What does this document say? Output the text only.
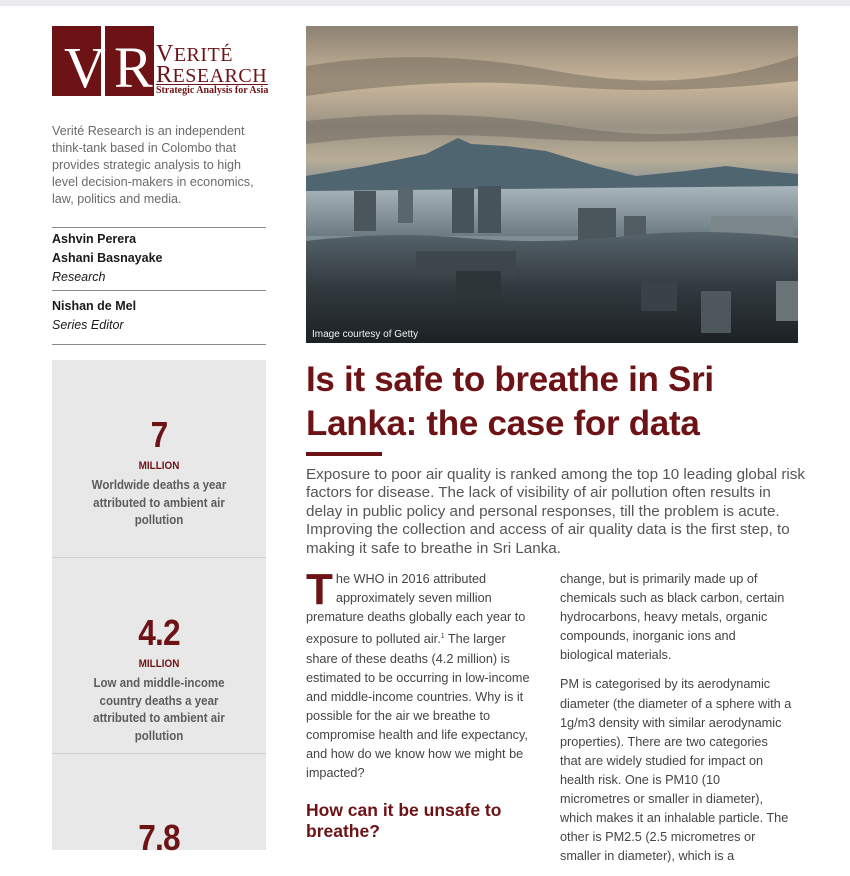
V R VERITÉ
RESEARCH
Strategic Analysis for Asia
Verité Research is an independent think-tank based in Colombo that provides strategic analysis to high level decision-makers in economics, law, politics and media.
Ashvin Perera
Ashani Basnayake
Research
Nishan de Mel
Series Editor
7
MILLION
Worldwide deaths a year attributed to ambient air pollution
4.2
MILLION
Low and middle-income country deaths a year attributed to ambient air pollution
7.8
Image courtesy of Getty
Is it safe to breathe in Sri Lanka: the case for data

Exposure to poor air quality is ranked among the top 10 leading global risk factors for disease. The lack of visibility of air pollution often results in delay in public policy and personal responses, till the problem is acute. Improving the collection and access of air quality data is the first step, to making it safe to breathe in Sri Lanka.

The WHO in 2016 attributed approximately seven million premature deaths globally each year to exposure to polluted air.$^1$ The larger share of these deaths (4.2 million) is estimated to be occurring in low-income and middle-income countries. Why is it possible for the air we breathe to compromise health and life expectancy, and how do we know how we might be impacted?

How can it be unsafe to breathe?

change, but is primarily made up of chemicals such as black carbon, certain hydrocarbons, heavy metals, organic compounds, inorganic ions and biological materials.

PM is categorised by its aerodynamic diameter (the diameter of a sphere with a 1g/m3 density with similar aerodynamic properties). There are two categories that are widely studied for impact on health risk. One is PM10 (10 micrometres or smaller in diameter), which makes it an inhalable particle. The other is PM2.5 (2.5 micrometres or smaller in diameter), which is a
